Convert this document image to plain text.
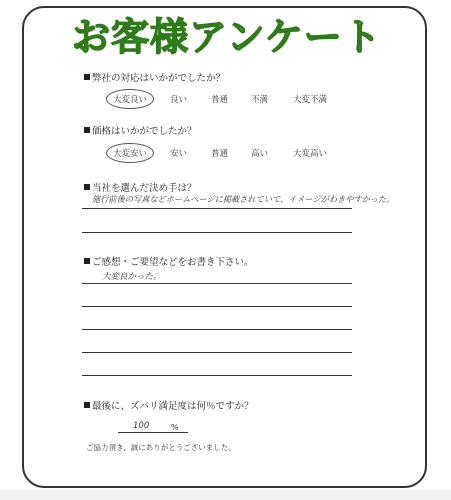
お客様アンケート
弊社の対応はいかがでしたか？
大変良い	良い	普通	不満	大変不満
価格はいかがでしたか？
大変安い	安い	普通	高い	大変高い
当社を選んだ決め手は？
施行前後の写真などホームページに掲載されていて、イメージがわきやすかった。
ご感想・ご要望などをお書き下さい。
大変良かった。
最後に、ズバリ満足度は何％ですか？
100	%
ご協力頂き、誠にありがとうございました。
